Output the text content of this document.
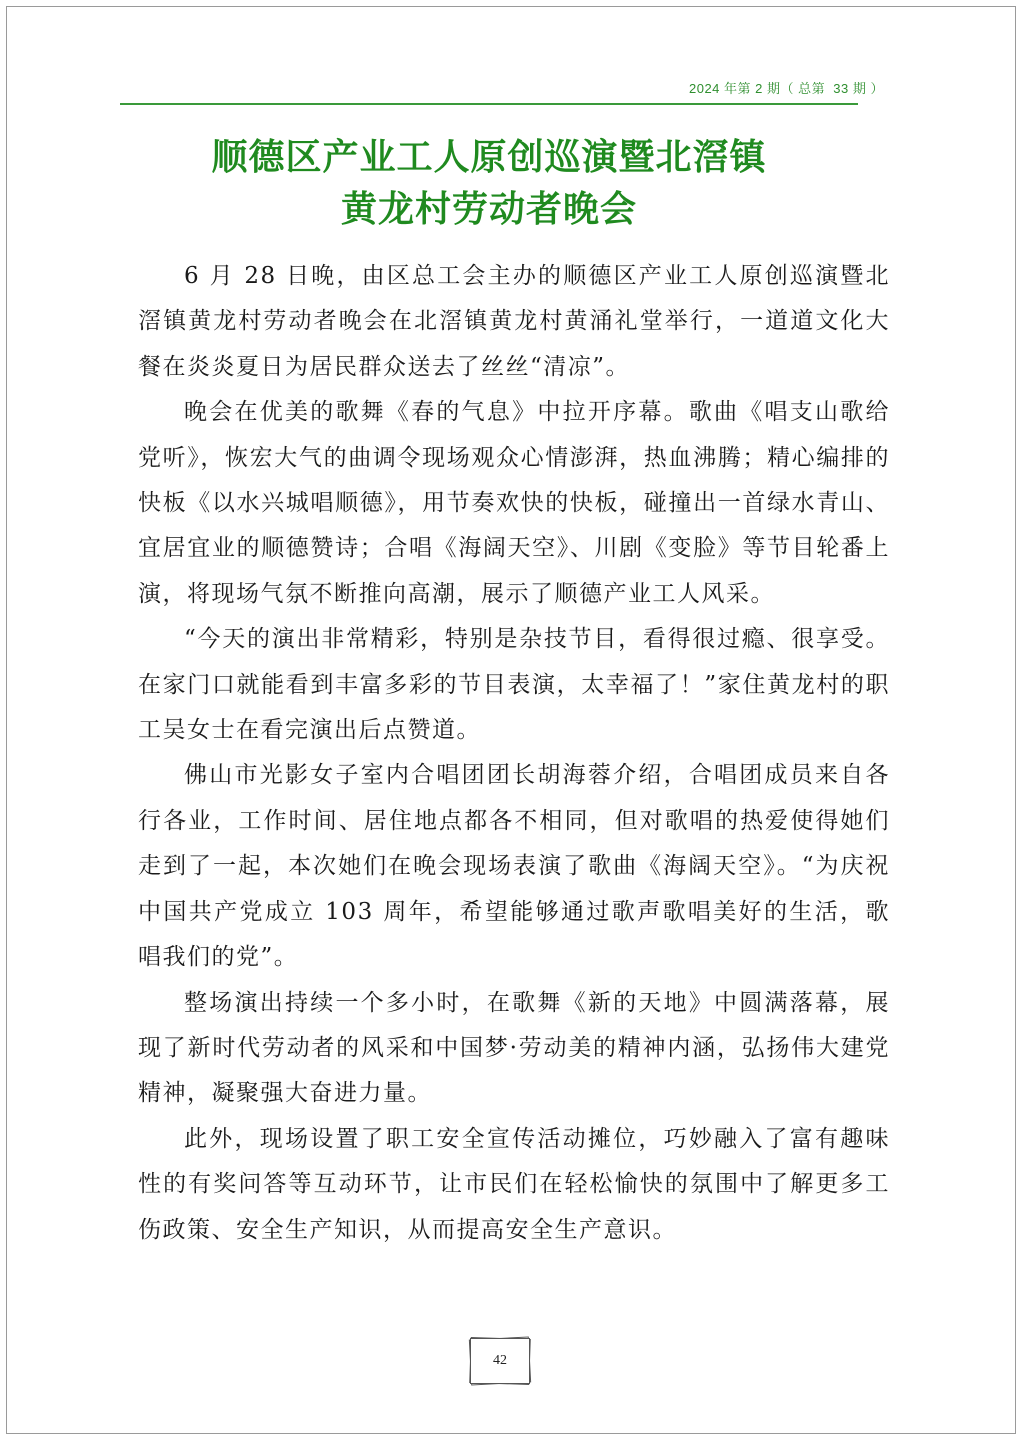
2024 年第 2 期（ 总第  33 期 ）
顺德区产业工人原创巡演暨北滘镇
黄龙村劳动者晚会

6 月 28 日晚，由区总工会主办的顺德区产业工人原创巡演暨北滘镇黄龙村劳动者晚会在北滘镇黄龙村黄涌礼堂举行，一道道文化大餐在炎炎夏日为居民群众送去了丝丝“清凉”。

晚会在优美的歌舞《春的气息》中拉开序幕。歌曲《唱支山歌给党听》，恢宏大气的曲调令现场观众心情澎湃，热血沸腾；精心编排的快板《以水兴城唱顺德》，用节奏欢快的快板，碰撞出一首绿水青山、宜居宜业的顺德赞诗；合唱《海阔天空》、川剧《变脸》等节目轮番上演，将现场气氛不断推向高潮，展示了顺德产业工人风采。

“今天的演出非常精彩，特别是杂技节目，看得很过瘾、很享受。在家门口就能看到丰富多彩的节目表演，太幸福了！”家住黄龙村的职工吴女士在看完演出后点赞道。

佛山市光影女子室内合唱团团长胡海蓉介绍，合唱团成员来自各行各业，工作时间、居住地点都各不相同，但对歌唱的热爱使得她们走到了一起，本次她们在晚会现场表演了歌曲《海阔天空》。“为庆祝中国共产党成立 103 周年，希望能够通过歌声歌唱美好的生活，歌唱我们的党”。

整场演出持续一个多小时，在歌舞《新的天地》中圆满落幕，展现了新时代劳动者的风采和中国梦·劳动美的精神内涵，弘扬伟大建党精神，凝聚强大奋进力量。

此外，现场设置了职工安全宣传活动摊位，巧妙融入了富有趣味性的有奖问答等互动环节，让市民们在轻松愉快的氛围中了解更多工伤政策、安全生产知识，从而提高安全生产意识。

42
